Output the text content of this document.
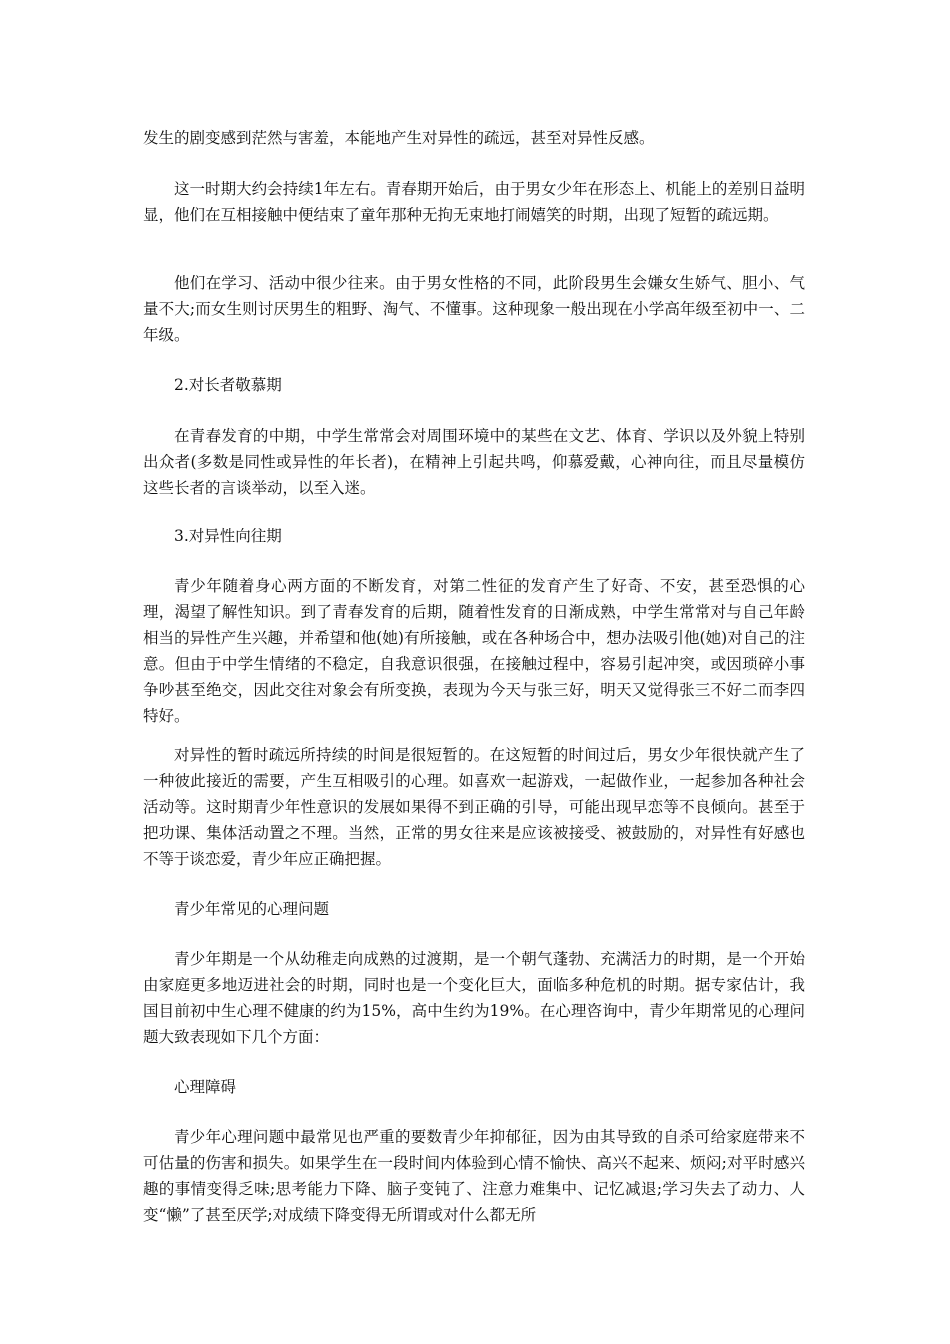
发生的剧变感到茫然与害羞，本能地产生对异性的疏远，甚至对异性反感。

这一时期大约会持续1年左右。青春期开始后，由于男女少年在形态上、机能上的差别日益明显，他们在互相接触中便结束了童年那种无拘无束地打闹嬉笑的时期，出现了短暂的疏远期。

他们在学习、活动中很少往来。由于男女性格的不同，此阶段男生会嫌女生娇气、胆小、气量不大;而女生则讨厌男生的粗野、淘气、不懂事。这种现象一般出现在小学高年级至初中一、二年级。

2.对长者敬慕期

在青春发育的中期，中学生常常会对周围环境中的某些在文艺、体育、学识以及外貌上特别出众者(多数是同性或异性的年长者)，在精神上引起共鸣，仰慕爱戴，心神向往，而且尽量模仿这些长者的言谈举动，以至入迷。

3.对异性向往期

青少年随着身心两方面的不断发育，对第二性征的发育产生了好奇、不安，甚至恐惧的心理，渴望了解性知识。到了青春发育的后期，随着性发育的日渐成熟，中学生常常对与自己年龄相当的异性产生兴趣，并希望和他(她)有所接触，或在各种场合中，想办法吸引他(她)对自己的注意。但由于中学生情绪的不稳定，自我意识很强，在接触过程中，容易引起冲突，或因琐碎小事争吵甚至绝交，因此交往对象会有所变换，表现为今天与张三好，明天又觉得张三不好二而李四特好。

对异性的暂时疏远所持续的时间是很短暂的。在这短暂的时间过后，男女少年很快就产生了一种彼此接近的需要，产生互相吸引的心理。如喜欢一起游戏，一起做作业，一起参加各种社会活动等。这时期青少年性意识的发展如果得不到正确的引导，可能出现早恋等不良倾向。甚至于把功课、集体活动置之不理。当然，正常的男女往来是应该被接受、被鼓励的，对异性有好感也不等于谈恋爱，青少年应正确把握。

青少年常见的心理问题

青少年期是一个从幼稚走向成熟的过渡期，是一个朝气蓬勃、充满活力的时期，是一个开始由家庭更多地迈进社会的时期，同时也是一个变化巨大，面临多种危机的时期。据专家估计，我国目前初中生心理不健康的约为15%，高中生约为19%。在心理咨询中，青少年期常见的心理问题大致表现如下几个方面：

心理障碍

青少年心理问题中最常见也严重的要数青少年抑郁征，因为由其导致的自杀可给家庭带来不可估量的伤害和损失。如果学生在一段时间内体验到心情不愉快、高兴不起来、烦闷;对平时感兴趣的事情变得乏味;思考能力下降、脑子变钝了、注意力难集中、记忆减退;学习失去了动力、人变“懒”了甚至厌学;对成绩下降变得无所谓或对什么都无所
